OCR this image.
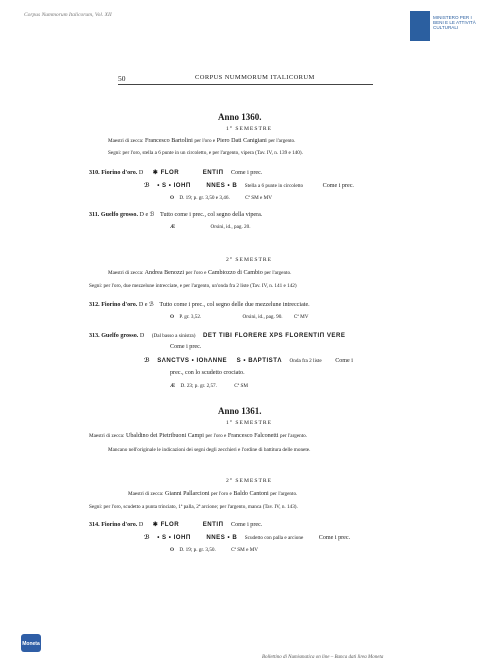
Corpus Nummorum Italicorum, Vol. XII	MINISTERO PER I BENI E LE ATTIVITÀ CULTURALI
50	CORPUS NUMMORUM ITALICORUM
Anno 1360.
1° SEMESTRE
Maestri di zecca: Francesco Bartolini per l'oro e Piero Dati Canigiani per l'argento.
Segni: per l'oro, stella a 6 punte in un circoletto, e per l'argento, vipera (Tav. IV, n. 139 e 140).
310. Fiorino d'oro. D ✱ FLOR	ENTIΠ Come i prec.
ℬ • S • IOHΠ	NNES • B Stella a 6 punte in circoletto	Come i prec.
O D. 19; p. gr. 3,50 e 3,46.	Cª SM e MV
311. Guelfo grosso. D e ℬ Tutto come i prec., col segno della vipera.
Æ	Orsini, id., pag. 20.
2° SEMESTRE
Maestri di zecca: Andrea Benozzi per l'oro e Cambiozzo di Cambio per l'argento.
Segni: per l'oro, due mezzelune intrecciate, e per l'argento, un'onda fra 2 liste (Tav. IV, n. 141 e 142)
312. Fiorino d'oro. D e ℬ Tutto come i prec., col segno delle due mezzelune intrecciate.
O P. gr. 3,52.	Orsini, id., pag. 90. Cª MV
313. Guelfo grosso. D (Dal basso a sinistra) DET TIBI FLORERE XPS FLORENTIΠ VERE
Come i prec.
ℬ SΛNCTVS • IOhΛNNE S • BΛPTISTΛ Onda fra 2 liste Come i
prec., con lo scudetto crociato.
Æ D. 23; p. gr. 2,57.	Cª SM
Anno 1361.
1° SEMESTRE
Maestri di zecca: Ubaldino dei Pietribuoni Campi per l'oro e Francesco Falconetti per l'argento.
Mancano nell'originale le indicazioni dei segni degli zecchieri e l'ordine di battitura delle monete.
2° SEMESTRE
Maestri di zecca: Gianni Pallarcioni per l'oro e Baldo Cantoni per l'argento.
Segni: per l'oro, scudetto a punta trinciato, 1ª palla, 2ª arcione; per l'argento, manca (Tav. IV, n. 143).
314. Fiorino d'oro. D ✱ FLOR	ENTIΠ Come i prec.
ℬ • S • IOHΠ	NNES • B Scudetto con palla e arcione	Come i prec.
O D. 19; p. gr. 3,50.	Cª SM e MV
Moneta
Bollettino di Numismatica on line – Banca dati lirea Moneta
